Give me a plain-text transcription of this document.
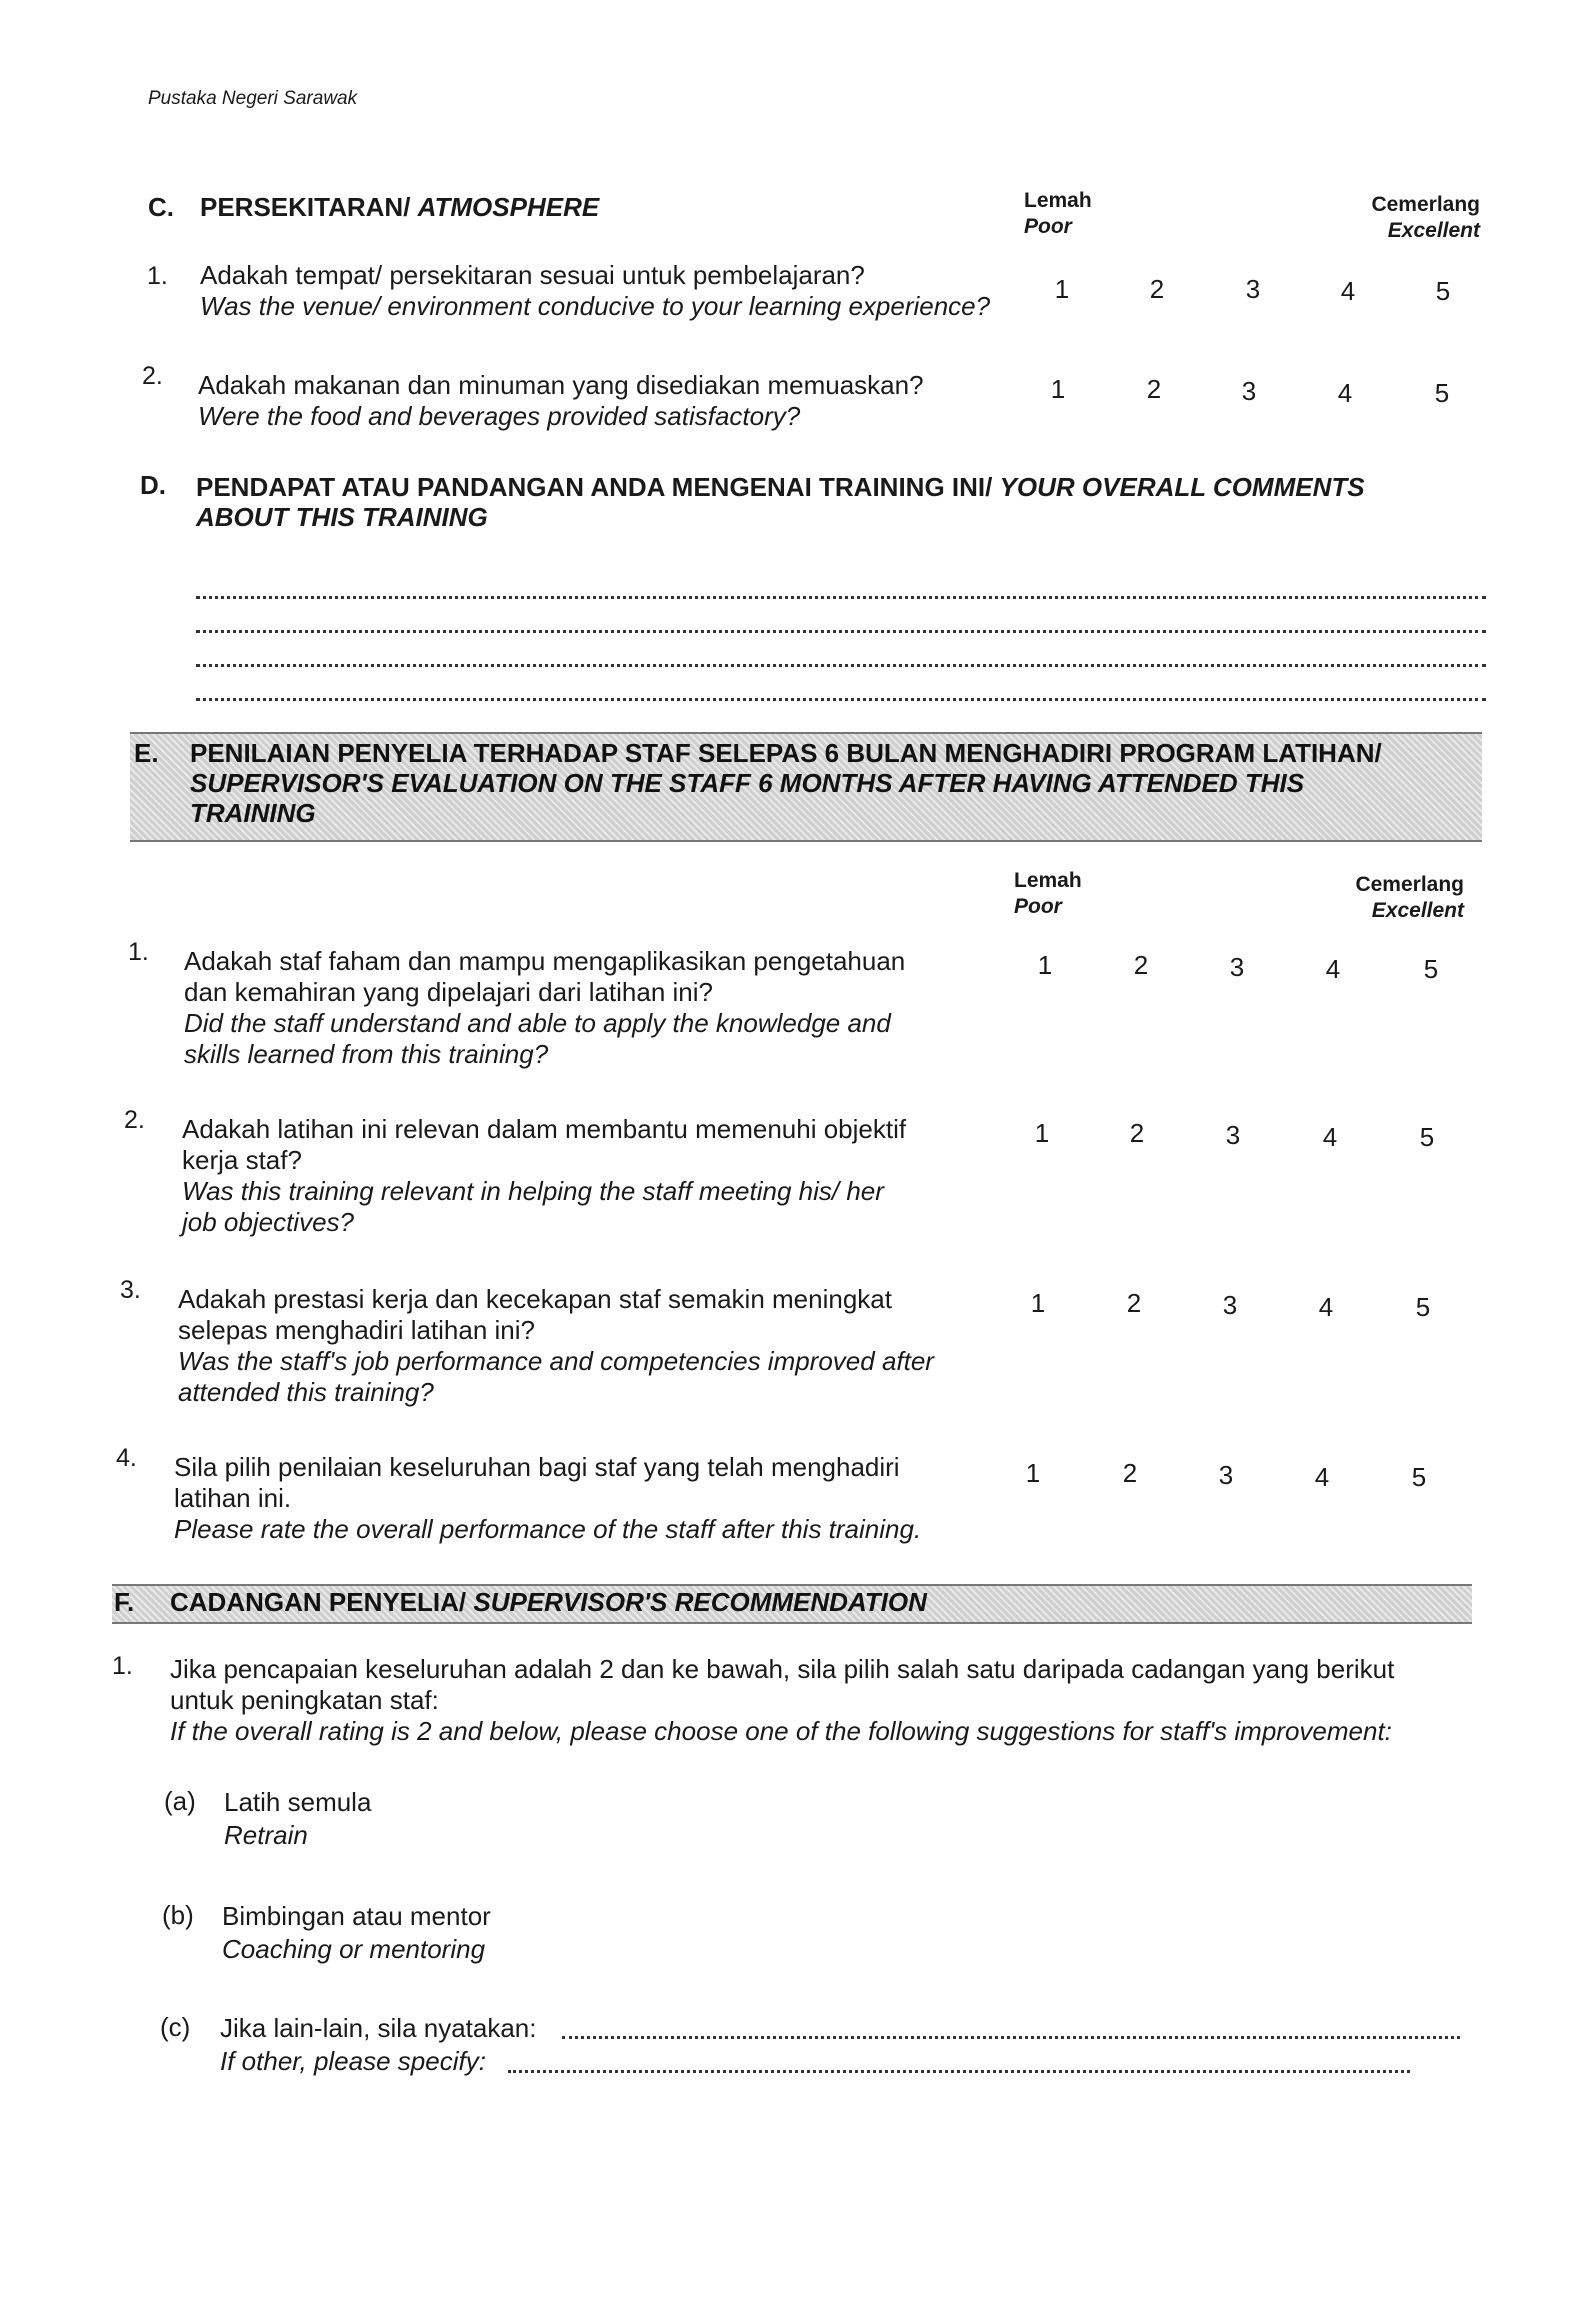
Pustaka Negeri Sarawak
C. PERSEKITARAN/ ATMOSPHERE	Lemah
Poor
Cemerlang
Excellent
1. Adakah tempat/ persekitaran sesuai untuk pembelajaran?
Was the venue/ environment conducive to your learning experience?
1	2	3	4	5
2. Adakah makanan dan minuman yang disediakan memuaskan?
Were the food and beverages provided satisfactory?
1	2	3	4	5
D. PENDAPAT ATAU PANDANGAN ANDA MENGENAI TRAINING INI/ YOUR OVERALL COMMENTS
ABOUT THIS TRAINING
E. PENILAIAN PENYELIA TERHADAP STAF SELEPAS 6 BULAN MENGHADIRI PROGRAM LATIHAN/
SUPERVISOR'S EVALUATION ON THE STAFF 6 MONTHS AFTER HAVING ATTENDED THIS
TRAINING
Lemah
Poor
Cemerlang
Excellent
1. Adakah staf faham dan mampu mengaplikasikan pengetahuan
dan kemahiran yang dipelajari dari latihan ini?
Did the staff understand and able to apply the knowledge and
skills learned from this training?
1	2	3	4	5
2. Adakah latihan ini relevan dalam membantu memenuhi objektif
kerja staf?
Was this training relevant in helping the staff meeting his/ her
job objectives?
1	2	3	4	5
3. Adakah prestasi kerja dan kecekapan staf semakin meningkat
selepas menghadiri latihan ini?
Was the staff's job performance and competencies improved after
attended this training?
1	2	3	4	5
4. Sila pilih penilaian keseluruhan bagi staf yang telah menghadiri
latihan ini.
Please rate the overall performance of the staff after this training.
1	2	3	4	5
F. CADANGAN PENYELIA/ SUPERVISOR'S RECOMMENDATION
1. Jika pencapaian keseluruhan adalah 2 dan ke bawah, sila pilih salah satu daripada cadangan yang berikut
untuk peningkatan staf:
If the overall rating is 2 and below, please choose one of the following suggestions for staff's improvement:
(a) Latih semula
Retrain
(b) Bimbingan atau mentor
Coaching or mentoring
(c) Jika lain-lain, sila nyatakan:
If other, please specify:
